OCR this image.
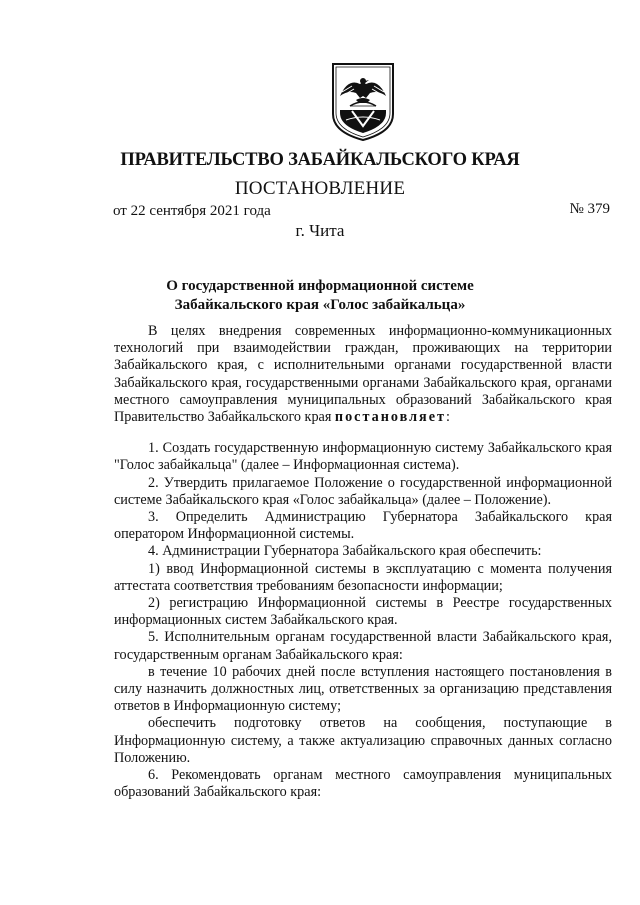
ПРАВИТЕЛЬСТВО ЗАБАЙКАЛЬСКОГО КРАЯ
ПОСТАНОВЛЕНИЕ
от 22 сентября 2021 года	№ 379
г. Чита
О государственной информационной системе
Забайкальского края «Голос забайкальца»

В целях внедрения современных информационно-коммуникационных технологий при взаимодействии граждан, проживающих на территории Забайкальского края, с исполнительными органами государственной власти Забайкальского края, государственными органами Забайкальского края, органами местного самоуправления муниципальных образований Забайкальского края Правительство Забайкальского края постановляет:

1. Создать государственную информационную систему Забайкальского края "Голос забайкальца" (далее – Информационная система).

2. Утвердить прилагаемое Положение о государственной информационной системе Забайкальского края «Голос забайкальца» (далее – Положение).

3. Определить Администрацию Губернатора Забайкальского края оператором Информационной системы.

4. Администрации Губернатора Забайкальского края обеспечить:

1) ввод Информационной системы в эксплуатацию с момента получения аттестата соответствия требованиям безопасности информации;

2) регистрацию Информационной системы в Реестре государственных информационных систем Забайкальского края.

5. Исполнительным органам государственной власти Забайкальского края, государственным органам Забайкальского края:

в течение 10 рабочих дней после вступления настоящего постановления в силу назначить должностных лиц, ответственных за организацию представления ответов в Информационную систему;

обеспечить подготовку ответов на сообщения, поступающие в Информационную систему, а также актуализацию справочных данных согласно Положению.

6. Рекомендовать органам местного самоуправления муниципальных образований Забайкальского края:
